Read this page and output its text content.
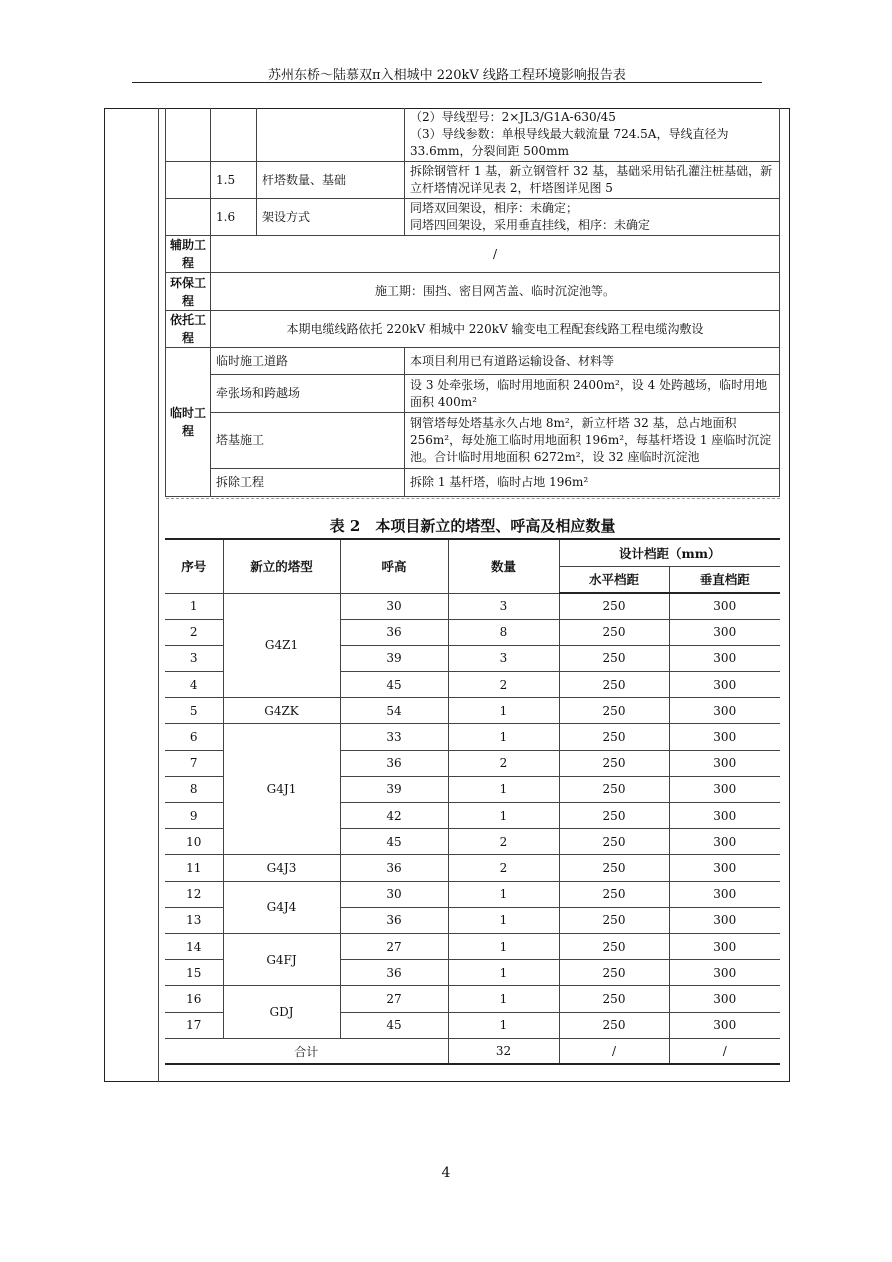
苏州东桥～陆慕双π入相城中 220kV 线路工程环境影响报告表

			（2）导线型号：2×JL3/G1A-630/45
（3）导线参数：单根导线最大载流量 724.5A，导线直径为 33.6mm，分裂间距 500mm

	1.5	杆塔数量、基础	拆除钢管杆 1 基，新立钢管杆 32 基，基础采用钻孔灌注桩基础，新立杆塔情况详见表 2，杆塔图详见图 5
	1.6	架设方式	同塔双回架设，相序：未确定；
同塔四回架设，采用垂直挂线，相序：未确定

辅助工程	/		
环保工程	施工期：围挡、密目网苫盖、临时沉淀池等。		
依托工程	本期电缆线路依托 220kV 相城中 220kV 输变电工程配套线路工程电缆沟敷设		
临时工程	临时施工道路		本项目利用已有道路运输设备、材料等
	牵张场和跨越场		设 3 处牵张场，临时用地面积 2400m²，设 4 处跨越场，临时用地面积 400m²
	塔基施工		钢管塔每处塔基永久占地 8m²，新立杆塔 32 基，总占地面积 256m²，每处施工临时用地面积 196m²，每基杆塔设 1 座临时沉淀池。合计临时用地面积 6272m²，设 32 座临时沉淀池
	拆除工程		拆除 1 基杆塔，临时占地 196m²
表 2　本项目新立的塔型、呼高及相应数量
序号	新立的塔型	呼高	数量	设计档距（mm）	
				水平档距	垂直档距
1	G4Z1	30	3	250	300
2		36	8	250	300
3		39	3	250	300
4		45	2	250	300
5	G4ZK	54	1	250	300
6	G4J1	33	1	250	300
7		36	2	250	300
8		39	1	250	300
9		42	1	250	300
10		45	2	250	300
11	G4J3	36	2	250	300
12	G4J4	30	1	250	300
13		36	1	250	300
14	G4FJ	27	1	250	300
15		36	1	250	300
16	GDJ	27	1	250	300
17		45	1	250	300
合计			32	/	/
4
